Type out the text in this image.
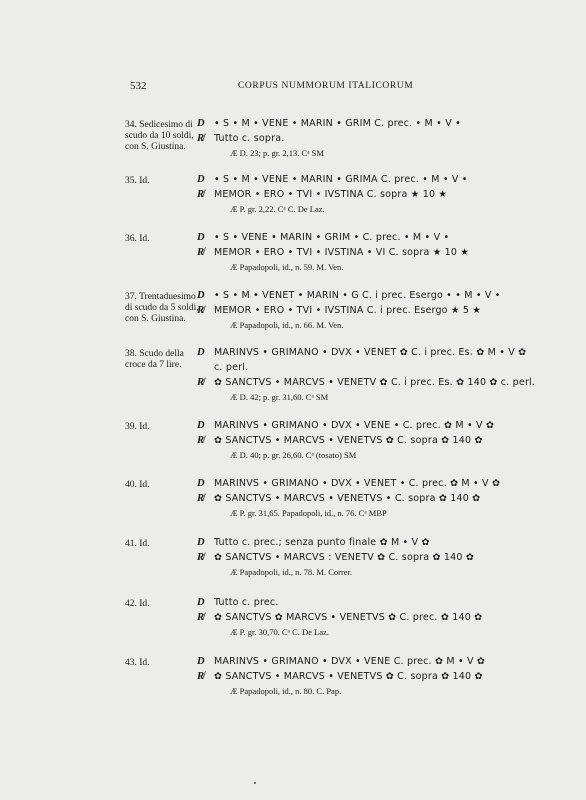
532	CORPUS NUMMORUM ITALICORUM
34. Sedicesimo di scudo da 10 soldi, con S. Giustina.
D • S • M • VENE • MARIN • GRIM C. prec. • M • V •
R̸ Tutto c. sopra.
Æ D. 23; p. gr. 2,13. Cᵃ SM
35. Id.	D • S • M • VENE • MARIN • GRIMA C. prec. • M • V •
R̸ MEMOR • ERO • TVI • IVSTINA C. sopra ★ 10 ★
Æ P. gr. 2,22. Cᵃ C. De Laz.
36. Id.	D • S • VENE • MARIN • GRIM • C. prec. • M • V •
R̸ MEMOR • ERO • TVI • IVSTINA • VI C. sopra ★ 10 ★
Æ Papadopoli, id., n. 59. M. Ven.
37. Trentaduesimo di scudo da 5 soldi, con S. Giustina.
D • S • M • VENET • MARIN • G C. i prec. Esergo • • M • V •
R̸ MEMOR • ERO • TVI • IVSTINA C. i prec. Esergo ★ 5 ★
Æ Papadopoli, id., n. 66. M. Ven.
38. Scudo della croce da 7 lire.
D MARINVS • GRIMANO • DVX • VENET ✿ C. i prec. Es. ✿ M • V ✿
c. perl.
R̸ ✿ SANCTVS • MARCVS • VENETV ✿ C. i prec. Es. ✿ 140 ✿ c. perl.
Æ D. 42; p. gr. 31,60. Cᵃ SM
39. Id.	D MARINVS • GRIMANO • DVX • VENE • C. prec. ✿ M • V ✿
R̸ ✿ SANCTVS • MARCVS • VENETVS ✿ C. sopra ✿ 140 ✿
Æ D. 40; p. gr. 26,60. Cᵃ (tosato) SM
40. Id.	D MARINVS • GRIMANO • DVX • VENET • C. prec. ✿ M • V ✿
R̸ ✿ SANCTVS • MARCVS • VENETVS • C. sopra ✿ 140 ✿
Æ P. gr. 31,65. Papadopoli, id., n. 76. Cᵃ MBP
41. Id.	D Tutto c. prec.; senza punto finale ✿ M • V ✿
R̸ ✿ SANCTVS • MARCVS : VENETV ✿ C. sopra ✿ 140 ✿
Æ Papadopoli, id., n. 78. M. Correr.
42. Id.	D Tutto c. prec.
R̸ ✿ SANCTVS ✿ MARCVS • VENETVS ✿ C. prec. ✿ 140 ✿
Æ P. gr. 30,70. Cᵃ C. De Laz.
43. Id.	D MARINVS • GRIMANO • DVX • VENE C. prec. ✿ M • V ✿
R̸ ✿ SANCTVS • MARCVS • VENETVS ✿ C. sopra ✿ 140 ✿
Æ Papadopoli, id., n. 80. C. Pap.
